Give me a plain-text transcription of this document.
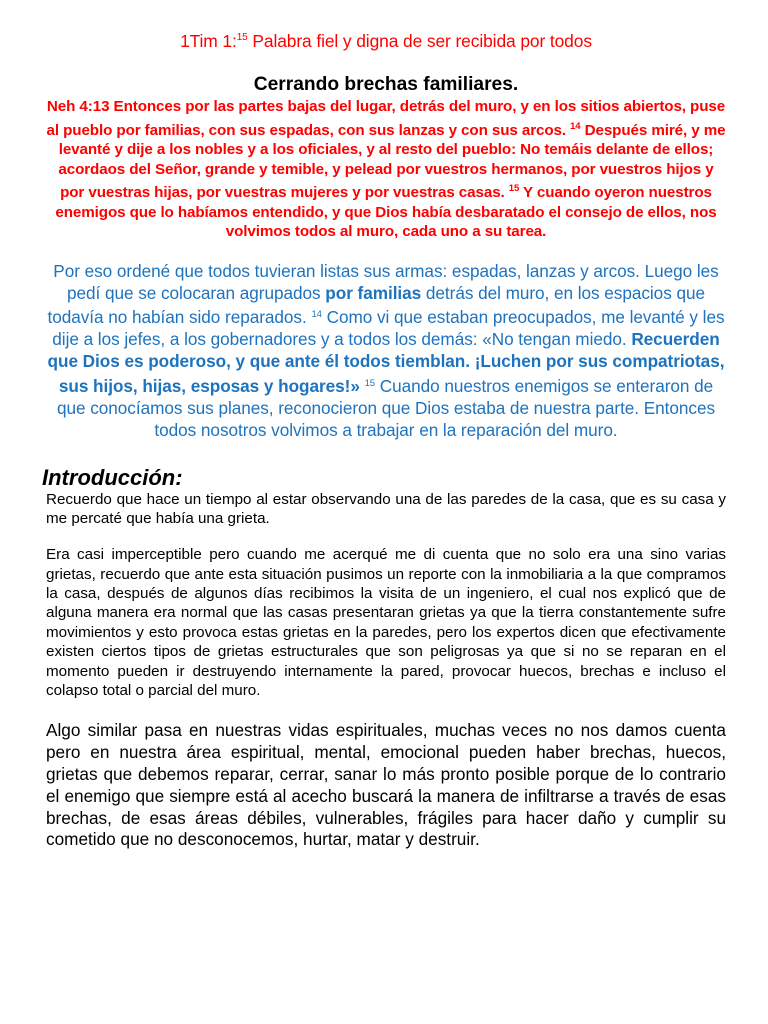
1Tim 1:$^{15}$ Palabra fiel y digna de ser recibida por todos
Cerrando brechas familiares.
Neh 4:13 Entonces por las partes bajas del lugar, detrás del muro, y en los sitios abiertos, puse al pueblo por familias, con sus espadas, con sus lanzas y con sus arcos. $^{14}$ Después miré, y me levanté y dije a los nobles y a los oficiales, y al resto del pueblo: No temáis delante de ellos; acordaos del Señor, grande y temible, y pelead por vuestros hermanos, por vuestros hijos y por vuestras hijas, por vuestras mujeres y por vuestras casas. $^{15}$ Y cuando oyeron nuestros enemigos que lo habíamos entendido, y que Dios había desbaratado el consejo de ellos, nos volvimos todos al muro, cada uno a su tarea.
Por eso ordené que todos tuvieran listas sus armas: espadas, lanzas y arcos. Luego les pedí que se colocaran agrupados por familias detrás del muro, en los espacios que todavía no habían sido reparados. $^{14}$ Como vi que estaban preocupados, me levanté y les dije a los jefes, a los gobernadores y a todos los demás: «No tengan miedo. Recuerden que Dios es poderoso, y que ante él todos tiemblan. ¡Luchen por sus compatriotas, sus hijos, hijas, esposas y hogares!» $^{15}$ Cuando nuestros enemigos se enteraron de que conocíamos sus planes, reconocieron que Dios estaba de nuestra parte. Entonces todos nosotros volvimos a trabajar en la reparación del muro.
Introducción:
Recuerdo que hace un tiempo al estar observando una de las paredes de la casa, que es su casa y me percaté que había una grieta.
Era casi imperceptible pero cuando me acerqué me di cuenta que no solo era una sino varias grietas, recuerdo que ante esta situación pusimos un reporte con la inmobiliaria a la que compramos la casa, después de algunos días recibimos la visita de un ingeniero, el cual nos explicó que de alguna manera era normal que las casas presentaran grietas ya que la tierra constantemente sufre movimientos y esto provoca estas grietas en la paredes, pero los expertos dicen que efectivamente existen ciertos tipos de grietas estructurales que son peligrosas ya que si no se reparan en el momento pueden ir destruyendo internamente la pared, provocar huecos, brechas e incluso el colapso total o parcial del muro.
Algo similar pasa en nuestras vidas espirituales, muchas veces no nos damos cuenta pero en nuestra área espiritual, mental, emocional pueden haber brechas, huecos, grietas que debemos reparar, cerrar, sanar lo más pronto posible porque de lo contrario el enemigo que siempre está al acecho buscará la manera de infiltrarse a través de esas brechas, de esas áreas débiles, vulnerables, frágiles para hacer daño y cumplir su cometido que no desconocemos, hurtar, matar y destruir.
